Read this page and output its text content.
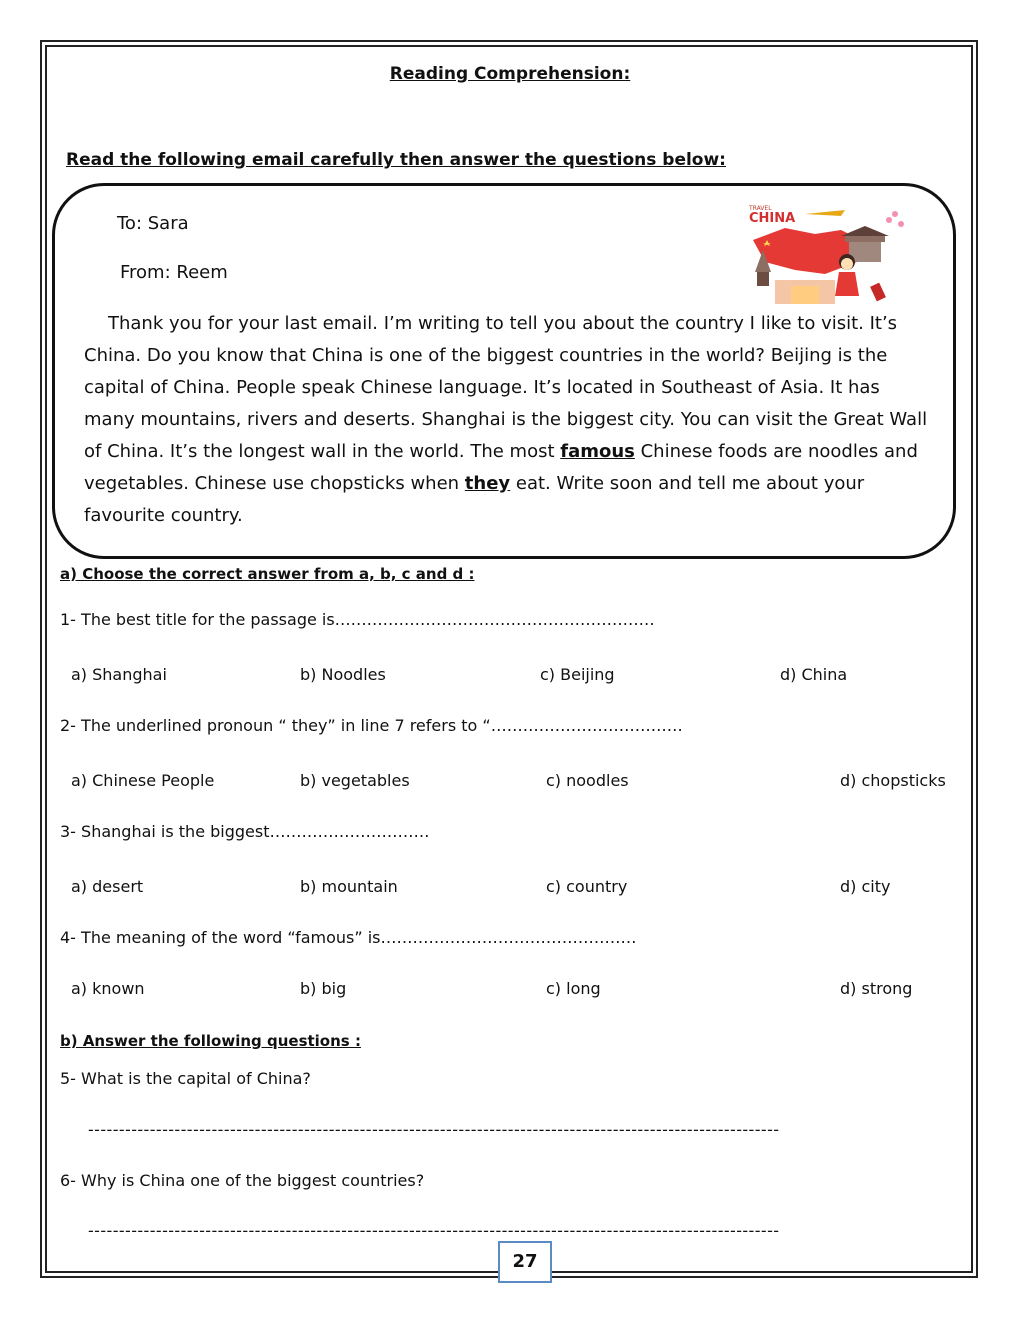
Reading Comprehension:
Read the following email carefully then answer the questions below:
To: Sara
From: Reem
TRAVEL
CHINA
Thank you for your last email. I’m writing to tell you about the country I like to visit. It’s China. Do you know that China is one of the biggest countries in the world? Beijing is the capital of China. People speak Chinese language. It’s located in Southeast of Asia. It has many mountains, rivers and deserts. Shanghai is the biggest city. You can visit the Great Wall of China. It’s the longest wall in the world. The most famous Chinese foods are noodles and vegetables. Chinese use chopsticks when they eat. Write soon and tell me about your favourite country.
a) Choose the correct answer from a, b, c and d :
1- The best title for the passage is……………………………………………………
a) Shanghai	b) Noodles	c) Beijing	d) China
2- The underlined pronoun “ they” in line 7 refers to “………………………………
a) Chinese People	b) vegetables	c) noodles	d) chopsticks
3- Shanghai is the biggest…………………………
a) desert	b) mountain	c) country	d) city
4- The meaning of the word “famous” is…………………………………………
a) known	b) big	c) long	d) strong
b) Answer the following questions :
5- What is the capital of China?
----------------------------------------------------------------------------------------------------------------
6- Why is China one of the biggest countries?
----------------------------------------------------------------------------------------------------------------
27
